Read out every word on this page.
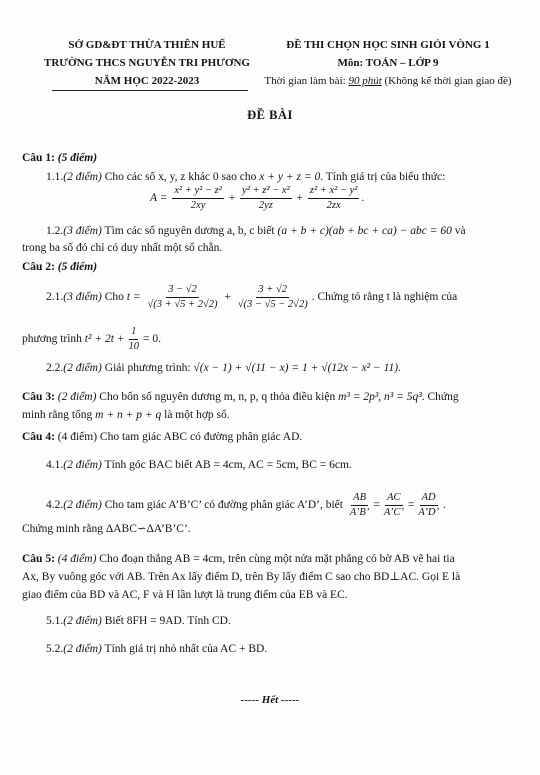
SỞ GD&ĐT THỪA THIÊN HUẾ
TRƯỜNG THCS NGUYỄN TRI PHƯƠNG
NĂM HỌC 2022-2023
ĐỀ THI CHỌN HỌC SINH GIỎI VÒNG 1
Môn: TOÁN – LỚP 9
Thời gian làm bài: 90 phút (Không kể thời gian giao đề)
ĐỀ BÀI
Câu 1: (5 điểm)
1.1.(2 điểm) Cho các số x, y, z khác 0 sao cho x + y + z = 0. Tính giá trị của biểu thức:
$A = \frac{\text{x² + y² − z²}}{2xy} + \frac{\text{y² + z² − x²}}{2yz} + \frac{\text{z² + x² − y²}}{2zx}$ .
1.2.(3 điểm) Tìm các số nguyên dương a, b, c biết (a + b + c)(ab + bc + ca) − abc = 60 và
trong ba số đó chỉ có duy nhất một số chẵn.
Câu 2: (5 điểm)
2.1.(3 điểm) Cho $t = \frac{3 - √2}{√(3 + √5 + 2√2)} + \frac{3 + √2}{√(3 - √5 - 2√2)}$ . Chứng tỏ rằng t là nghiệm của
phương trình $t^2 + 2t + \frac{1}{10} = 0$.
2.2.(2 điểm) Giải phương trình: √(x − 1) + √(11 − x) = 1 + √(12x − x² − 11).
Câu 3: (2 điểm) Cho bốn số nguyên dương m, n, p, q thỏa điều kiện m³ = 2p³, n³ = 5q³. Chứng
minh rằng tổng m + n + p + q là một hợp số.
Câu 4: (4 điểm) Cho tam giác ABC có đường phân giác AD.
4.1.(2 điểm) Tính góc BAC biết AB = 4cm, AC = 5cm, BC = 6cm.
4.2.(2 điểm) Cho tam giác A’B’C’ có đường phân giác A’D’, biết $\frac{AB}{A’B’} = \frac{AC}{A’C’} = \frac{AD}{A’D’}$ .
Chứng minh rằng ΔABC∽ΔA’B’C’.
Câu 5: (4 điểm) Cho đoạn thẳng AB = 4cm, trên cùng một nửa mặt phẳng có bờ AB vẽ hai tia
Ax, By vuông góc với AB. Trên Ax lấy điểm D, trên By lấy điểm C sao cho BD⊥AC. Gọi E là
giao điểm của BD và AC, F và H lần lượt là trung điểm của EB và EC.
5.1.(2 điểm) Biết 8FH = 9AD. Tính CD.
5.2.(2 điểm) Tính giá trị nhỏ nhất của AC + BD.
----- Hết -----
